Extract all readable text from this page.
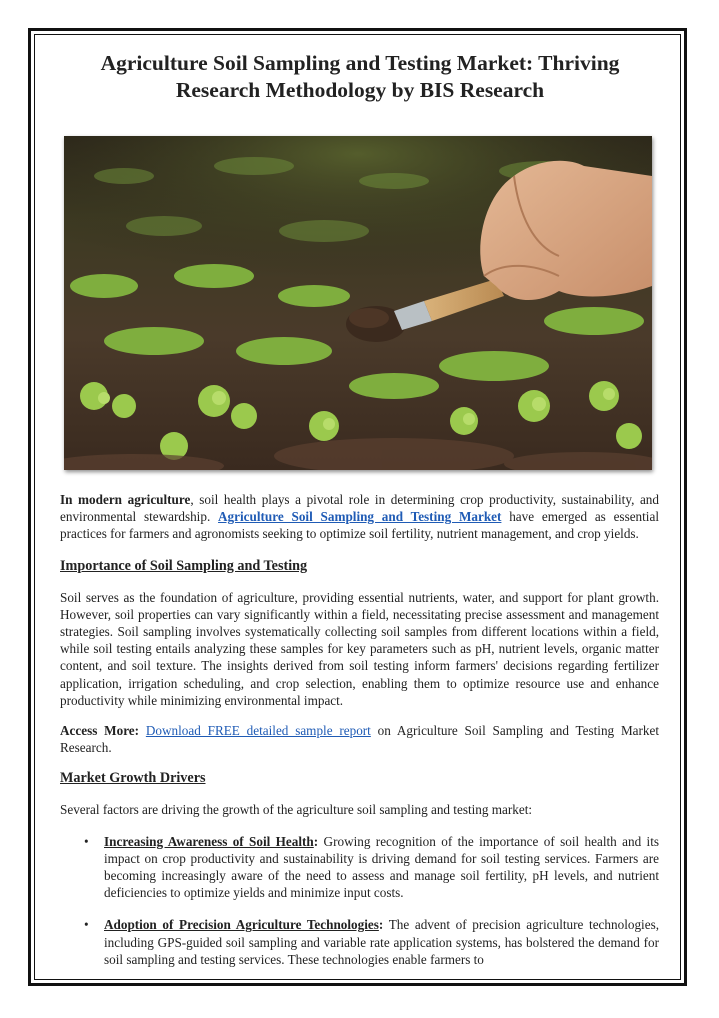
Agriculture Soil Sampling and Testing Market: Thriving Research Methodology by BIS Research

In modern agriculture, soil health plays a pivotal role in determining crop productivity, sustainability, and environmental stewardship. Agriculture Soil Sampling and Testing Market have emerged as essential practices for farmers and agronomists seeking to optimize soil fertility, nutrient management, and crop yields.

Importance of Soil Sampling and Testing

Soil serves as the foundation of agriculture, providing essential nutrients, water, and support for plant growth. However, soil properties can vary significantly within a field, necessitating precise assessment and management strategies. Soil sampling involves systematically collecting soil samples from different locations within a field, while soil testing entails analyzing these samples for key parameters such as pH, nutrient levels, organic matter content, and soil texture. The insights derived from soil testing inform farmers' decisions regarding fertilizer application, irrigation scheduling, and crop selection, enabling them to optimize resource use and enhance productivity while minimizing environmental impact.

Access More: Download FREE detailed sample report on Agriculture Soil Sampling and Testing Market Research.

Market Growth Drivers

Several factors are driving the growth of the agriculture soil sampling and testing market:

• Increasing Awareness of Soil Health: Growing recognition of the importance of soil health and its impact on crop productivity and sustainability is driving demand for soil testing services. Farmers are becoming increasingly aware of the need to assess and manage soil fertility, pH levels, and nutrient deficiencies to optimize yields and minimize input costs.
• Adoption of Precision Agriculture Technologies: The advent of precision agriculture technologies, including GPS-guided soil sampling and variable rate application systems, has bolstered the demand for soil sampling and testing services. These technologies enable farmers to
